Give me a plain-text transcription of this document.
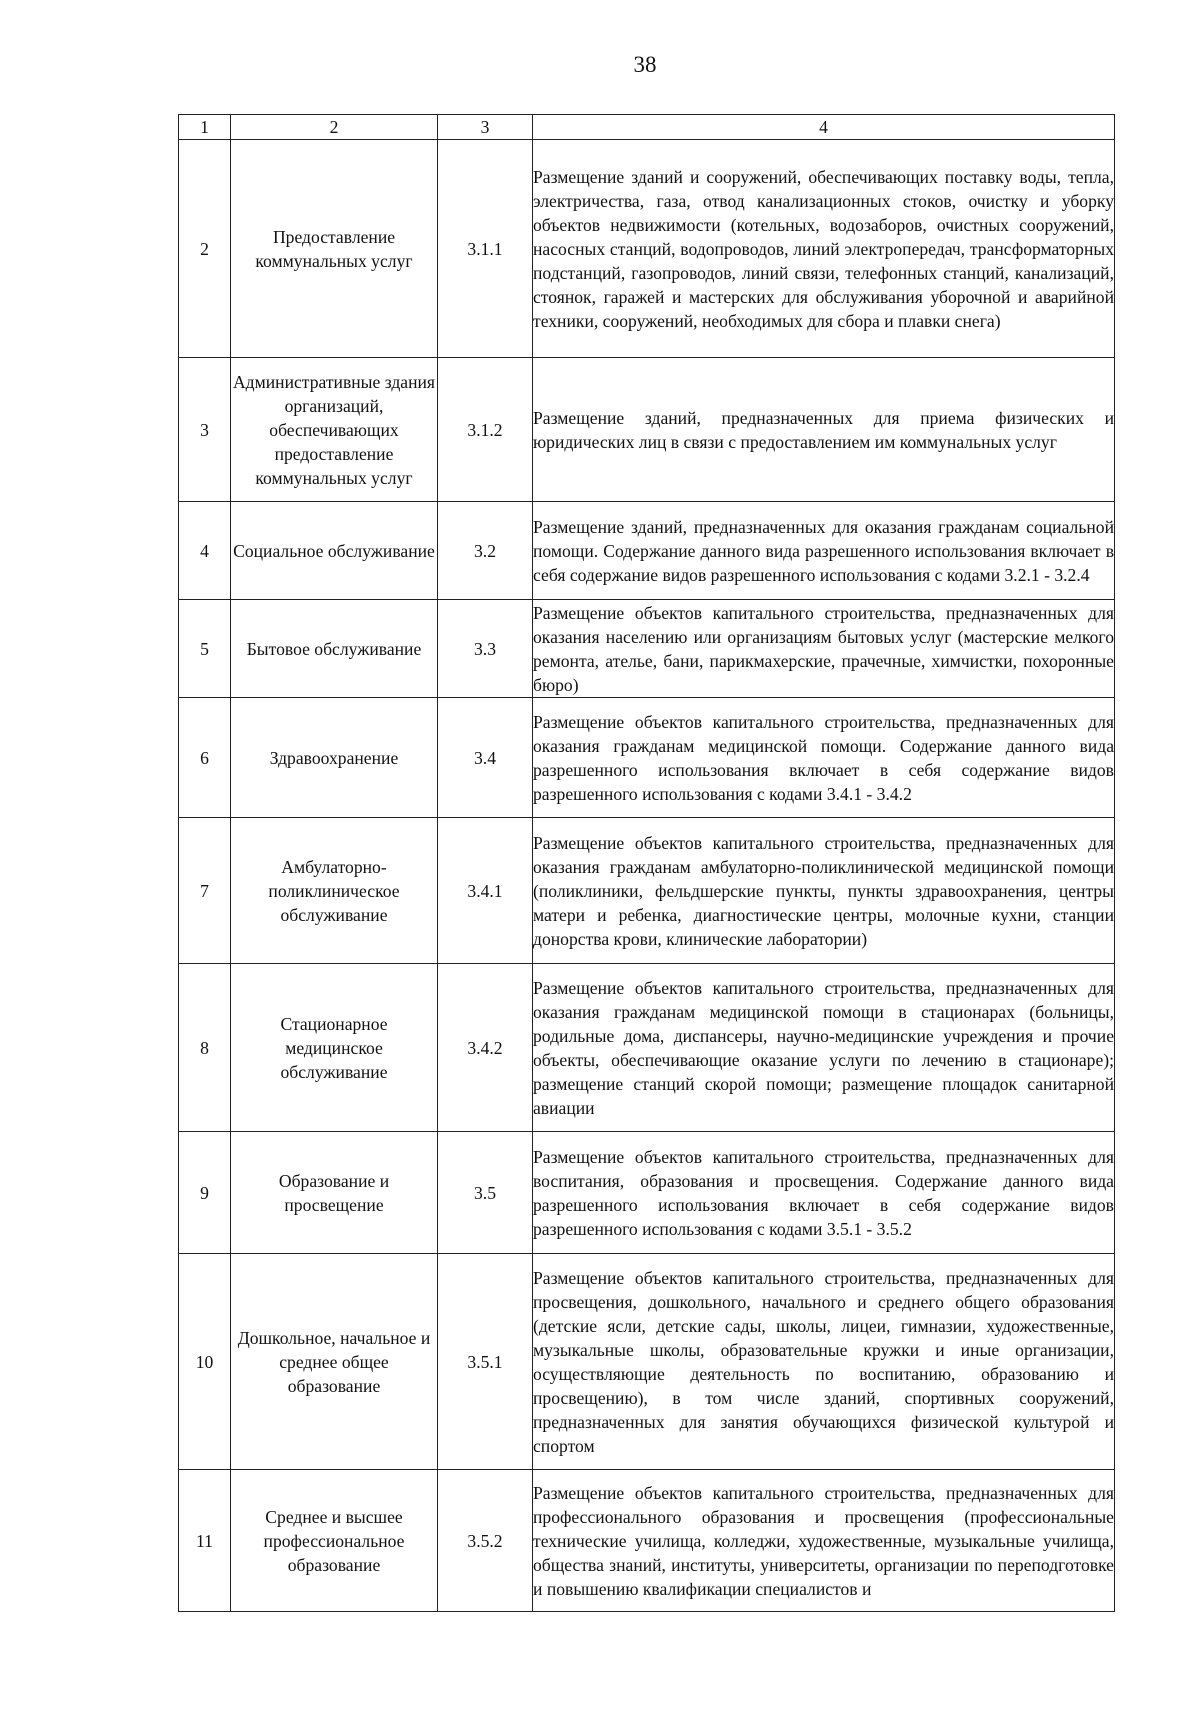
38
1	2	3	4
2	Предоставление коммунальных услуг	3.1.1	Размещение зданий и сооружений, обеспечивающих поставку воды, тепла, электричества, газа, отвод канализационных стоков, очистку и уборку объектов недвижимости (котельных, водозаборов, очистных сооружений, насосных станций, водопроводов, линий электропередач, трансформаторных подстанций, газопроводов, линий связи, телефонных станций, канализаций, стоянок, гаражей и мастерских для обслуживания уборочной и аварийной техники, сооружений, необходимых для сбора и плавки снега)
3	Административные здания организаций, обеспечивающих предоставление коммунальных услуг	3.1.2	Размещение зданий, предназначенных для приема физических и юридических лиц в связи с предоставлением им коммунальных услуг
4	Социальное обслуживание	3.2	Размещение зданий, предназначенных для оказания гражданам социальной помощи. Содержание данного вида разрешенного использования включает в себя содержание видов разрешенного использования с кодами 3.2.1 - 3.2.4
5	Бытовое обслуживание	3.3	Размещение объектов капитального строительства, предназначенных для оказания населению или организациям бытовых услуг (мастерские мелкого ремонта, ателье, бани, парикмахерские, прачечные, химчистки, похоронные бюро)
6	Здравоохранение	3.4	Размещение объектов капитального строительства, предназначенных для оказания гражданам медицинской помощи. Содержание данного вида разрешенного использования включает в себя содержание видов разрешенного использования с кодами 3.4.1 - 3.4.2
7	Амбулаторно-поликлиническое обслуживание	3.4.1	Размещение объектов капитального строительства, предназначенных для оказания гражданам амбулаторно-поликлинической медицинской помощи (поликлиники, фельдшерские пункты, пункты здравоохранения, центры матери и ребенка, диагностические центры, молочные кухни, станции донорства крови, клинические лаборатории)
8	Стационарное медицинское обслуживание	3.4.2	Размещение объектов капитального строительства, предназначенных для оказания гражданам медицинской помощи в стационарах (больницы, родильные дома, диспансеры, научно-медицинские учреждения и прочие объекты, обеспечивающие оказание услуги по лечению в стационаре); размещение станций скорой помощи; размещение площадок санитарной авиации
9	Образование и просвещение	3.5	Размещение объектов капитального строительства, предназначенных для воспитания, образования и просвещения. Содержание данного вида разрешенного использования включает в себя содержание видов разрешенного использования с кодами 3.5.1 - 3.5.2
10	Дошкольное, начальное и среднее общее образование	3.5.1	Размещение объектов капитального строительства, предназначенных для просвещения, дошкольного, начального и среднего общего образования (детские ясли, детские сады, школы, лицеи, гимназии, художественные, музыкальные школы, образовательные кружки и иные организации, осуществляющие деятельность по воспитанию, образованию и просвещению), в том числе зданий, спортивных сооружений, предназначенных для занятия обучающихся физической культурой и спортом
11	Среднее и высшее профессиональное образование	3.5.2	Размещение объектов капитального строительства, предназначенных для профессионального образования и просвещения (профессиональные технические училища, колледжи, художественные, музыкальные училища, общества знаний, институты, университеты, организации по переподготовке и повышению квалификации специалистов и
